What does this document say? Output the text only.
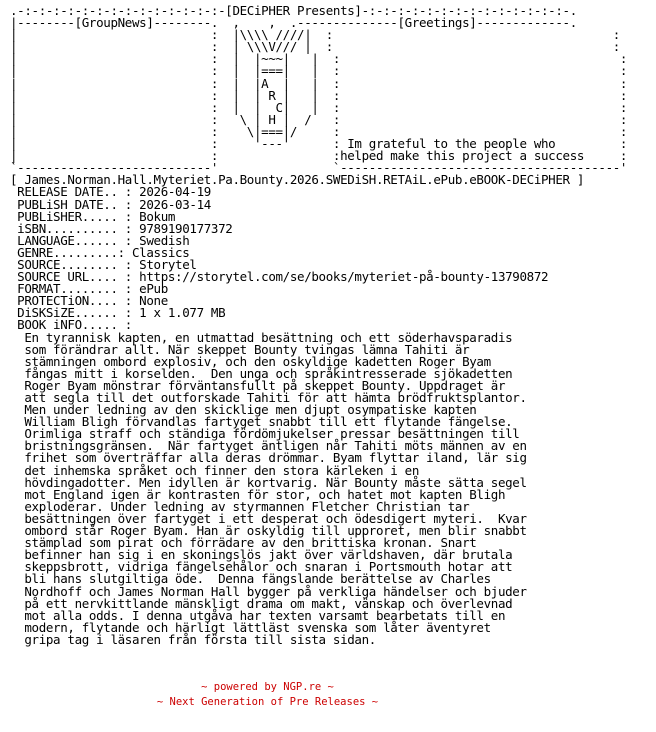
.-:-:-:-:-:-:-:-:-:-:-:-:-:-:-[DECiPHER Presents]-:-:-:-:-:-:-:-:-:-:-:-:-:-:-.
|--------[GroupNews]--------.  ,    ,  .--------------[Greetings]-------------.
|                           :  |\\\\ ////|  :                                       :
|                           :  | \\\V/// |  :                                       :
|                           :  |  |~~~|   |  :                                       :
|                           :  |  |===|   |  :                                       :
|                           :  |  |A  |   |  :                                       :
|                           :  |  | R |   |  :                                       :
|                           :  |  |  C|   |  :                                       :
|                           :   \ | H |  /   :                                       :
|                           :    \|===|/     :                                       :
|                           :     '---'      : Im grateful to the people who         :
|                           :                :helped make this project a success     :
`---------------------------'                `---------------------------------------'
[ James.Norman.Hall.Myteriet.Pa.Bounty.2026.SWEDiSH.RETAiL.ePub.eBOOK-DECiPHER ]
RELEASE DATE.. : 2026-04-19
PUBLiSH DATE.. : 2026-03-14
PUBLiSHER..... : Bokum
iSBN.......... : 9789190177372
LANGUAGE...... : Swedish
GENRE.........: Classics
SOURCE........ : Storytel
SOURCE URL.... : https://storytel.com/se/books/myteriet-på-bounty-13790872
FORMAT........ : ePub
PROTECTiON.... : None
DiSKSiZE...... : 1 x 1.077 MB
BOOK iNFO..... :
En tyrannisk kapten, en utmattad besättning och ett söderhavsparadis
som förändrar allt. När skeppet Bounty tvingas lämna Tahiti är
stämningen ombord explosiv, och den oskyldige kadetten Roger Byam
fångas mitt i korselden.  Den unga och språkintresserade sjökadetten
Roger Byam mönstrar förväntansfullt på skeppet Bounty. Uppdraget är
att segla till det outforskade Tahiti för att hämta brödfruktsplantor.
Men under ledning av den skicklige men djupt osympatiske kapten
William Bligh förvandlas fartyget snabbt till ett flytande fängelse.
Orimliga straff och ständiga fördömjukelser pressar besättningen till
bristningsgränsen.  När fartyget äntligen når Tahiti möts männen av en
frihet som överträffar alla deras drömmar. Byam flyttar iland, lär sig
det inhemska språket och finner den stora kärleken i en
hövdingadotter. Men idyllen är kortvarig. När Bounty måste sätta segel
mot England igen är kontrasten för stor, och hatet mot kapten Bligh
exploderar. Under ledning av styrmannen Fletcher Christian tar
besättningen över fartyget i ett desperat och ödesdigert myteri.  Kvar
ombord står Roger Byam. Han är oskyldig till upproret, men blir snabbt
stämplad som pirat och förrädare av den brittiska kronan. Snart
befinner han sig i en skoningslös jakt över världshaven, där brutala
skeppsbrott, vidriga fängelsehålor och snaran i Portsmouth hotar att
bli hans slutgiltiga öde.  Denna fängslande berättelse av Charles
Nordhoff och James Norman Hall bygger på verkliga händelser och bjuder
på ett nervkittlande mänskligt drama om makt, vänskap och överlevnad
mot alla odds. I denna utgåva har texten varsamt bearbetats till en
modern, flytande och härligt lättläst svenska som låter äventyret
gripa tag i läsaren från första till sista sidan.

~ powered by NGP.re ~
~ Next Generation of Pre Releases ~
